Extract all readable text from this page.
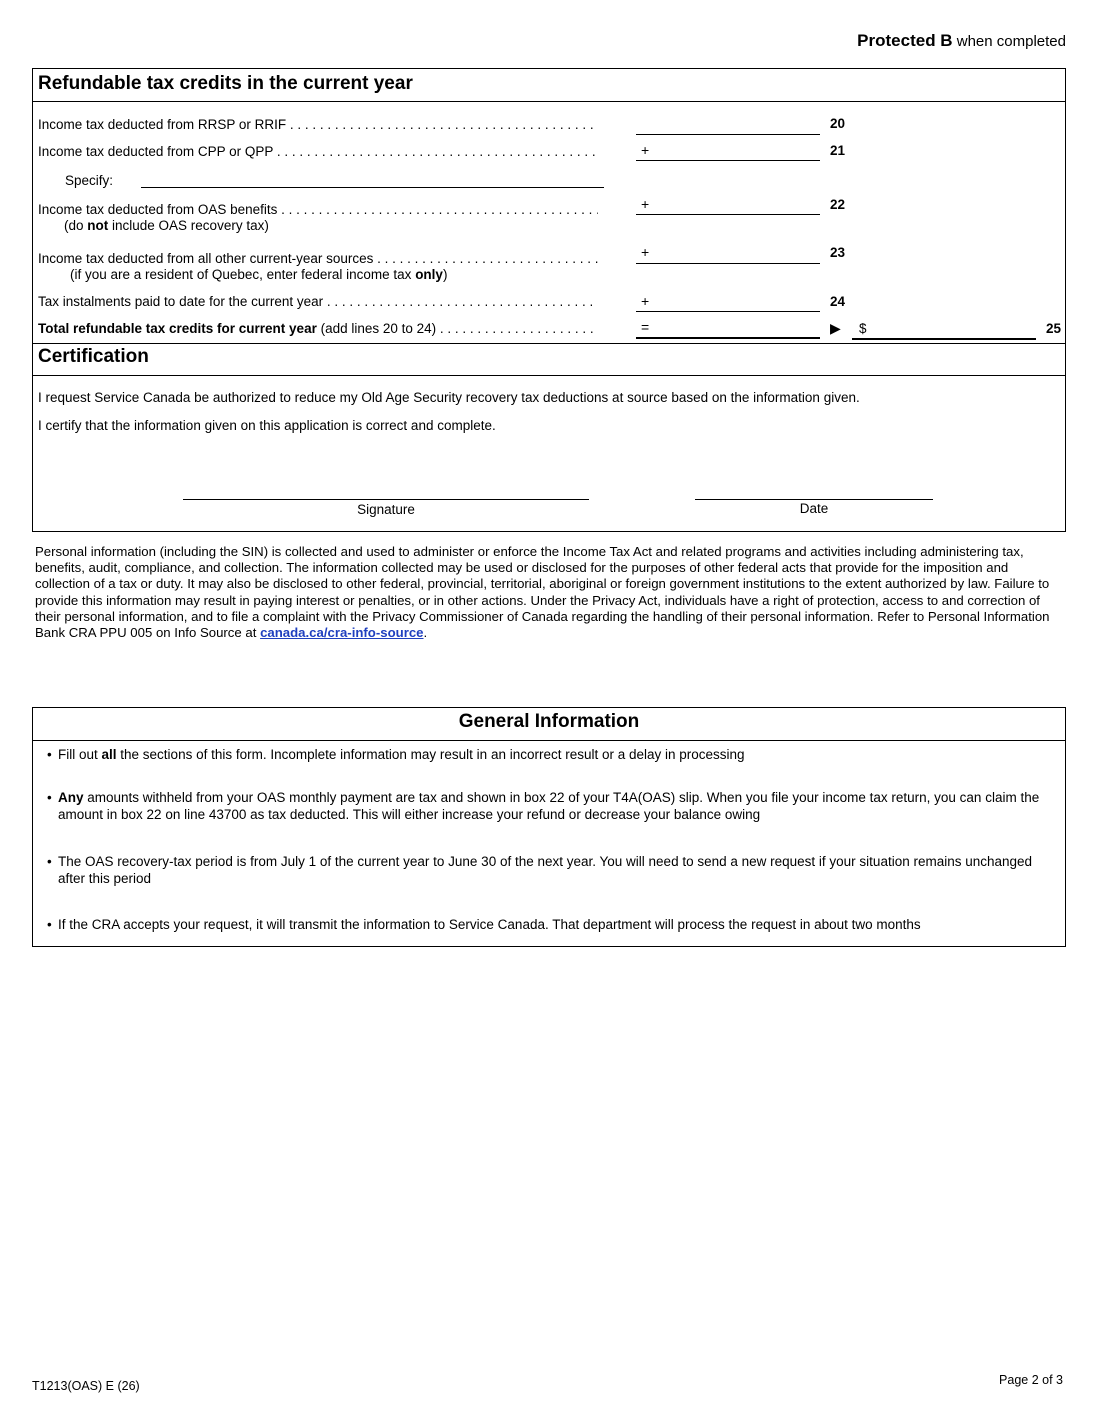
Protected B when completed
Refundable tax credits in the current year
Income tax deducted from RRSP or RRIF . . .	20
Income tax deducted from CPP or QPP . . .	+	21
Specify:
Income tax deducted from OAS benefits . . .
(do not include OAS recovery tax)
+	22
Income tax deducted from all other current-year sources . . .
(if you are a resident of Quebec, enter federal income tax only)
+	23
Tax instalments paid to date for the current year . . .	+	24
Total refundable tax credits for current year (add lines 20 to 24) . . .	=	▶ $	25
Certification
I request Service Canada be authorized to reduce my Old Age Security recovery tax deductions at source based on the information given.
I certify that the information given on this application is correct and complete.
Signature	Date
Personal information (including the SIN) is collected and used to administer or enforce the Income Tax Act and related programs and activities including administering tax, benefits, audit, compliance, and collection. The information collected may be used or disclosed for the purposes of other federal acts that provide for the imposition and collection of a tax or duty. It may also be disclosed to other federal, provincial, territorial, aboriginal or foreign government institutions to the extent authorized by law. Failure to provide this information may result in paying interest or penalties, or in other actions. Under the Privacy Act, individuals have a right of protection, access to and correction of their personal information, and to file a complaint with the Privacy Commissioner of Canada regarding the handling of their personal information. Refer to Personal Information Bank CRA PPU 005 on Info Source at canada.ca/cra-info-source.
General Information
• Fill out all the sections of this form. Incomplete information may result in an incorrect result or a delay in processing
• Any amounts withheld from your OAS monthly payment are tax and shown in box 22 of your T4A(OAS) slip. When you file your income tax return, you can claim the amount in box 22 on line 43700 as tax deducted. This will either increase your refund or decrease your balance owing
• The OAS recovery-tax period is from July 1 of the current year to June 30 of the next year. You will need to send a new request if your situation remains unchanged after this period
• If the CRA accepts your request, it will transmit the information to Service Canada. That department will process the request in about two months
T1213(OAS) E (26)	Page 2 of 3
